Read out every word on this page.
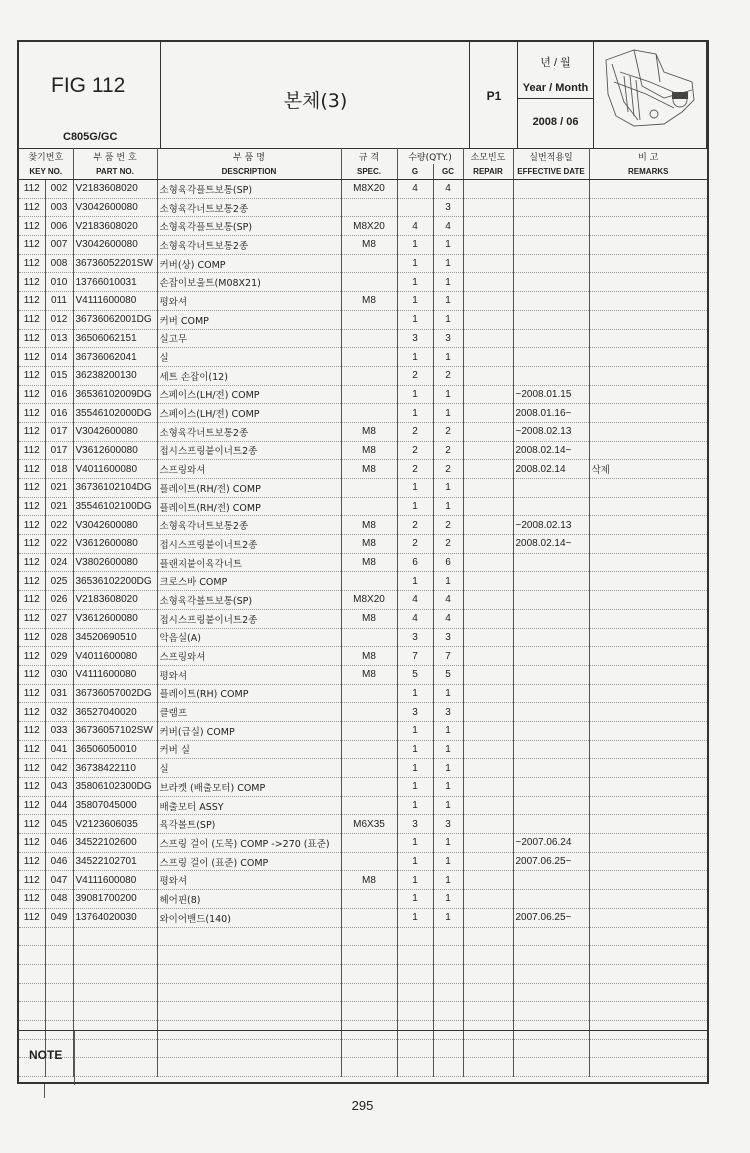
FIG 112
C805G/GC
본체(3)	P1
년 / 월
Year / Month
2008 / 06
찾기번호		부 품 번 호	부 품 명	규 격	수량(QTY.)		소모빈도	실번적용일	비 고
KEY NO.		PART NO.	DESCRIPTION	SPEC.	G	GC	REPAIR	EFFECTIVE DATE	REMARKS
112	002	V2183608020	소형육각플트보통(SP)	M8X20	4	4			
112	003	V3042600080	소형육각너트보통2종			3			
112	006	V2183608020	소형육각플트보통(SP)	M8X20	4	4			
112	007	V3042600080	소형육각너트보통2종	M8	1	1			
112	008	36736052201SW	커버(상) COMP		1	1			
112	010	13766010031	손잡이보울트(M08X21)		1	1			
112	011	V4111600080	평와셔	M8	1	1			
112	012	36736062001DG	커버 COMP		1	1			
112	013	36506062151	실고무		3	3			
112	014	36736062041	실		1	1			
112	015	36238200130	세트 손잡이(12)		2	2			
112	016	36536102009DG	스페이스(LH/전) COMP		1	1		~2008.01.15	
112	016	35546102000DG	스페이스(LH/전) COMP		1	1		2008.01.16~	
112	017	V3042600080	소형육각너트보통2종	M8	2	2		~2008.02.13	
112	017	V3612600080	접시스프링붙이너트2종	M8	2	2		2008.02.14~	
112	018	V4011600080	스프링와셔	M8	2	2		2008.02.14	삭제
112	021	36736102104DG	플레이트(RH/전) COMP		1	1			
112	021	35546102100DG	플레이트(RH/전) COMP		1	1			
112	022	V3042600080	소형육각너트보통2종	M8	2	2		~2008.02.13	
112	022	V3612600080	접시스프링붙이너트2종	M8	2	2		2008.02.14~	
112	024	V3802600080	플랜지붙이육각너트	M8	6	6			
112	025	36536102200DG	크로스바 COMP		1	1			
112	026	V2183608020	소형육각볼트보통(SP)	M8X20	4	4			
112	027	V3612600080	접시스프링붙이너트2종	M8	4	4			
112	028	34520690510	악음실(A)		3	3			
112	029	V4011600080	스프링와셔	M8	7	7			
112	030	V4111600080	평와셔	M8	5	5			
112	031	36736057002DG	플레이트(RH) COMP		1	1			
112	032	36527040020	클램프		3	3			
112	033	36736057102SW	커버(급실) COMP		1	1			
112	041	36506050010	커버 실		1	1			
112	042	36738422110	실		1	1			
112	043	35806102300DG	브라켓 (배출모터) COMP		1	1			
112	044	35807045000	배출모터 ASSY		1	1			
112	045	V2123606035	육각볼트(SP)	M6X35	3	3			
112	046	34522102600	스프링 걸이 (도목) COMP ->270 (표준)		1	1		~2007.06.24	
112	046	34522102701	스프링 걸이 (표준) COMP		1	1		2007.06.25~	
112	047	V4111600080	평와셔	M8	1	1			
112	048	39081700200	헤어핀(8)		1	1			
112	049	13764020030	와이어밴드(140)		1	1		2007.06.25~	

NOTE
295
